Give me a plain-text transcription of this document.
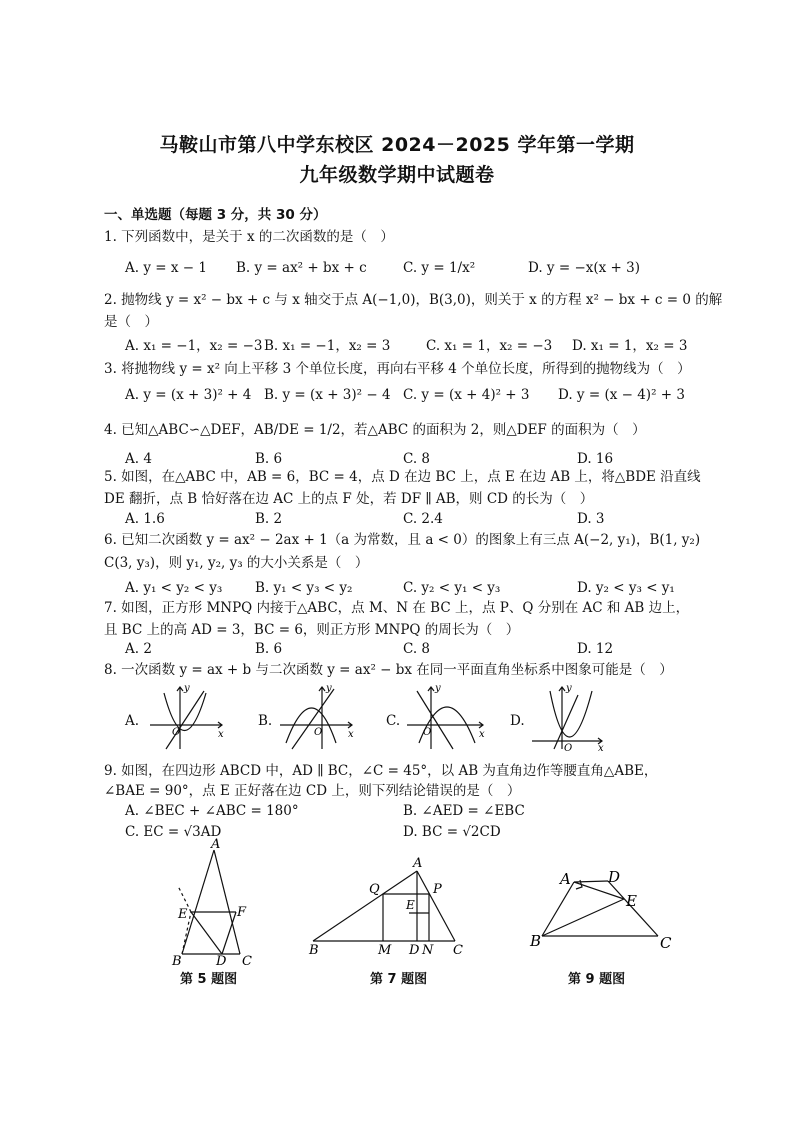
马鞍山市第八中学东校区 2024－2025 学年第一学期
九年级数学期中试题卷
一、单选题（每题 3 分，共 30 分）
1. 下列函数中，是关于 x 的二次函数的是（　）
A. y = x − 1 B. y = ax² + bx + c	C. y = 1/x²	D. y = −x(x + 3)
2. 抛物线 y = x² − bx + c 与 x 轴交于点 A(−1,0)，B(3,0)，则关于 x 的方程 x² − bx + c = 0 的解
是（　）
A. x₁ = −1，x₂ = −3 B. x₁ = −1，x₂ = 3	C. x₁ = 1，x₂ = −3 D. x₁ = 1，x₂ = 3
3. 将抛物线 y = x² 向上平移 3 个单位长度，再向右平移 4 个单位长度，所得到的抛物线为（　）
A. y = (x + 3)² + 4 B. y = (x + 3)² − 4 C. y = (x + 4)² + 3 D. y = (x − 4)² + 3
4. 已知△ABC∽△DEF，AB/DE = 1/2，若△ABC 的面积为 2，则△DEF 的面积为（　）
A. 4	B. 6	C. 8	D. 16
5. 如图，在△ABC 中，AB = 6，BC = 4，点 D 在边 BC 上，点 E 在边 AB 上，将△BDE 沿直线
DE 翻折，点 B 恰好落在边 AC 上的点 F 处，若 DF ∥ AB，则 CD 的长为（　）
A. 1.6	B. 2	C. 2.4	D. 3
6. 已知二次函数 y = ax² − 2ax + 1（a 为常数，且 a < 0）的图象上有三点 A(−2, y₁)，B(1, y₂)
C(3, y₃)，则 y₁, y₂, y₃ 的大小关系是（　）
A. y₁ < y₂ < y₃ B. y₁ < y₃ < y₂	C. y₂ < y₁ < y₃	D. y₂ < y₃ < y₁
7. 如图，正方形 MNPQ 内接于△ABC，点 M、N 在 BC 上，点 P、Q 分别在 AC 和 AB 边上，
且 BC 上的高 AD = 3，BC = 6，则正方形 MNPQ 的周长为（　）
A. 2	B. 6	C. 8	D. 12
8. 一次函数 y = ax + b 与二次函数 y = ax² − bx 在同一平面直角坐标系中图象可能是（　）
A.	B.	C.	D.
y
x
O
y
x
O
y
x
O
y
x
O
9. 如图，在四边形 ABCD 中，AD ∥ BC，∠C = 45°，以 AB 为直角边作等腰直角△ABE，
∠BAE = 90°，点 E 正好落在边 CD 上，则下列结论错误的是（　）
A. ∠BEC + ∠ABC = 180°	B. ∠AED = ∠EBC
C. EC = √3AD	D. BC = √2CD
A
E	F
B	D C
第 5 题图
A
Q	P
E
B	M D N C
第 7 题图
A D
E
B	C
第 9 题图
